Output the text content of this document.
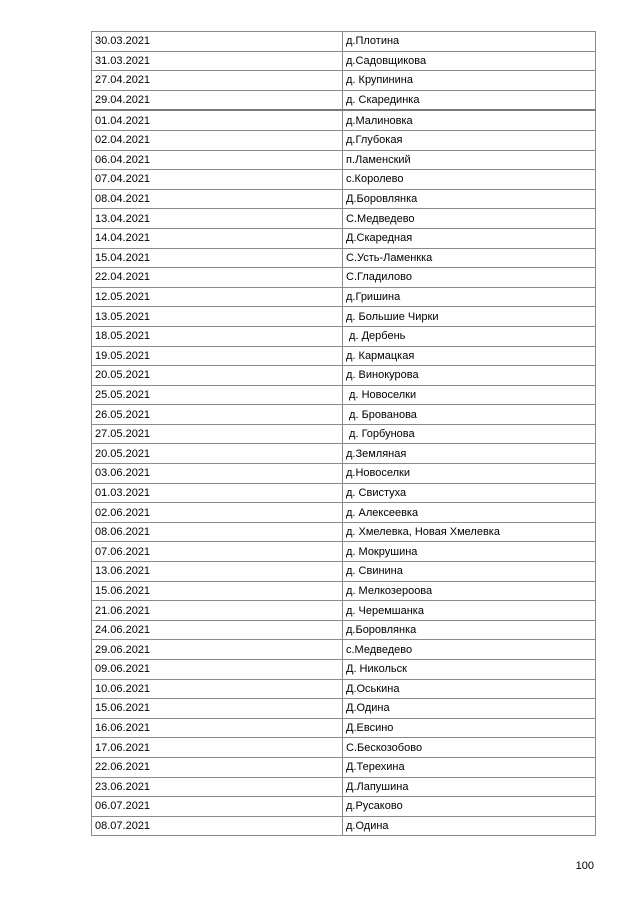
30.03.2021	д.Плотина
31.03.2021	д.Садовщикова
27.04.2021	д. Крупинина
29.04.2021	д. Скарединка
01.04.2021	д.Малиновка
02.04.2021	д.Глубокая
06.04.2021	п.Ламенский
07.04.2021	с.Королево
08.04.2021	Д.Боровлянка
13.04.2021	С.Медведево
14.04.2021	Д.Скаредная
15.04.2021	С.Усть-Ламенкка
22.04.2021	С.Гладилово
12.05.2021	д.Гришина
13.05.2021	д. Большие Чирки
18.05.2021	д. Дербень
19.05.2021	д. Кармацкая
20.05.2021	д. Винокурова
25.05.2021	д. Новоселки
26.05.2021	д. Брованова
27.05.2021	д. Горбунова
20.05.2021	д.Земляная
03.06.2021	д.Новоселки
01.03.2021	д. Свистуха
02.06.2021	д. Алексеевка
08.06.2021	д. Хмелевка, Новая Хмелевка
07.06.2021	д. Мокрушина
13.06.2021	д. Свинина
15.06.2021	д. Мелкозероова
21.06.2021	д. Черемшанка
24.06.2021	д.Боровлянка
29.06.2021	с.Медведево
09.06.2021	Д. Никольск
10.06.2021	Д.Оськина
15.06.2021	Д.Одина
16.06.2021	Д.Евсино
17.06.2021	С.Бескозобово
22.06.2021	Д.Терехина
23.06.2021	Д.Лапушина
06.07.2021	д.Русаково
08.07.2021	д.Одина
100
